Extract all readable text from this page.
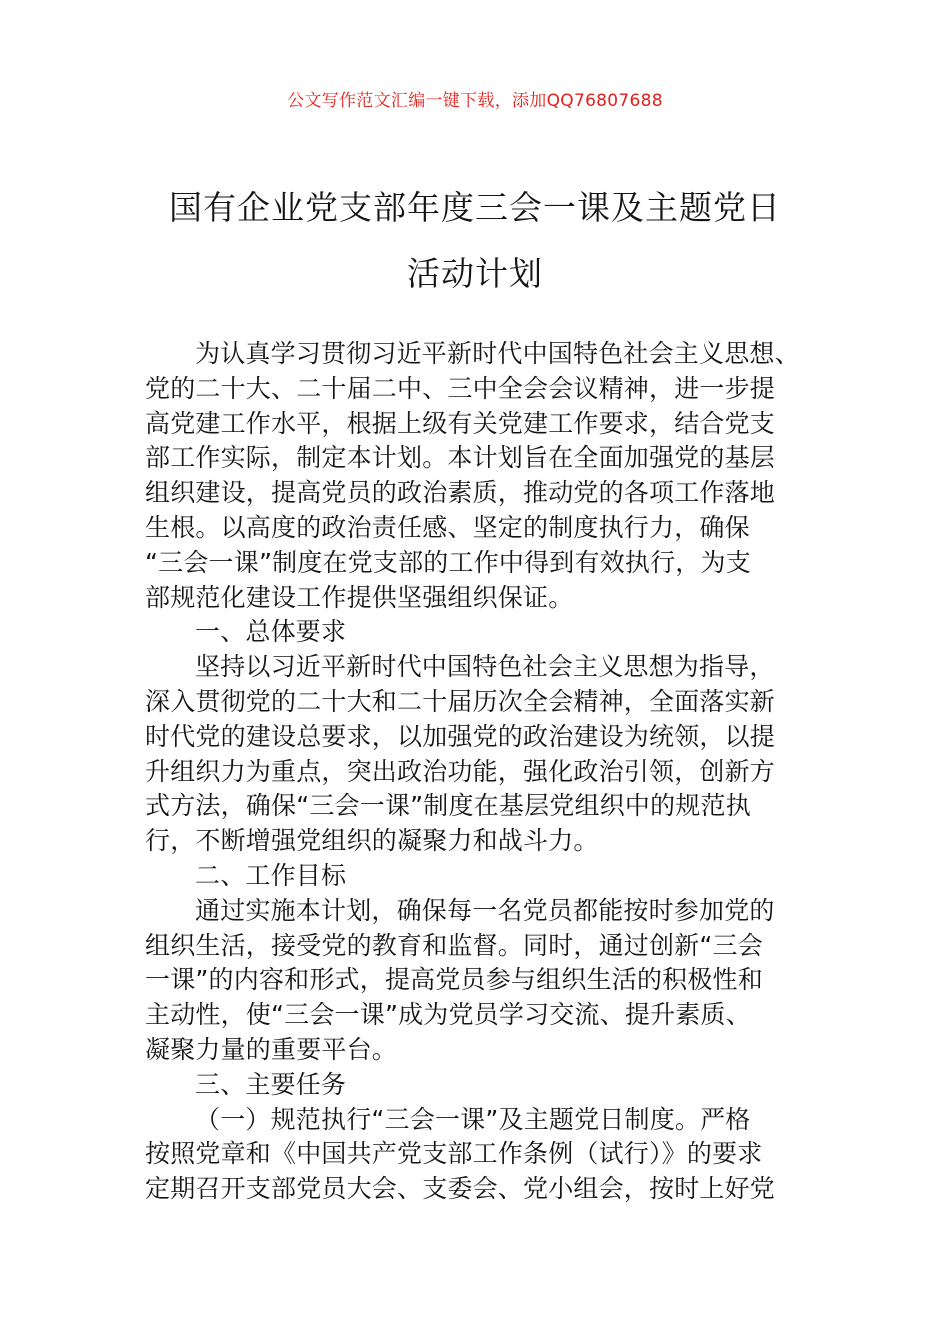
公文写作范文汇编一键下载，添加QQ76807688
国有企业党支部年度三会一课及主题党日
活动计划
为认真学习贯彻习近平新时代中国特色社会主义思想、
党的二十大、二十届二中、三中全会会议精神，进一步提
高党建工作水平，根据上级有关党建工作要求，结合党支
部工作实际，制定本计划。本计划旨在全面加强党的基层
组织建设，提高党员的政治素质，推动党的各项工作落地
生根。以高度的政治责任感、坚定的制度执行力，确保
“三会一课”制度在党支部的工作中得到有效执行，为支
部规范化建设工作提供坚强组织保证。
一、总体要求
坚持以习近平新时代中国特色社会主义思想为指导，
深入贯彻党的二十大和二十届历次全会精神，全面落实新
时代党的建设总要求，以加强党的政治建设为统领，以提
升组织力为重点，突出政治功能，强化政治引领，创新方
式方法，确保“三会一课”制度在基层党组织中的规范执
行，不断增强党组织的凝聚力和战斗力。
二、工作目标
通过实施本计划，确保每一名党员都能按时参加党的
组织生活，接受党的教育和监督。同时，通过创新“三会
一课”的内容和形式，提高党员参与组织生活的积极性和
主动性，使“三会一课”成为党员学习交流、提升素质、
凝聚力量的重要平台。
三、主要任务
（一）规范执行“三会一课”及主题党日制度。严格
按照党章和《中国共产党支部工作条例（试行）》的要求
定期召开支部党员大会、支委会、党小组会，按时上好党
